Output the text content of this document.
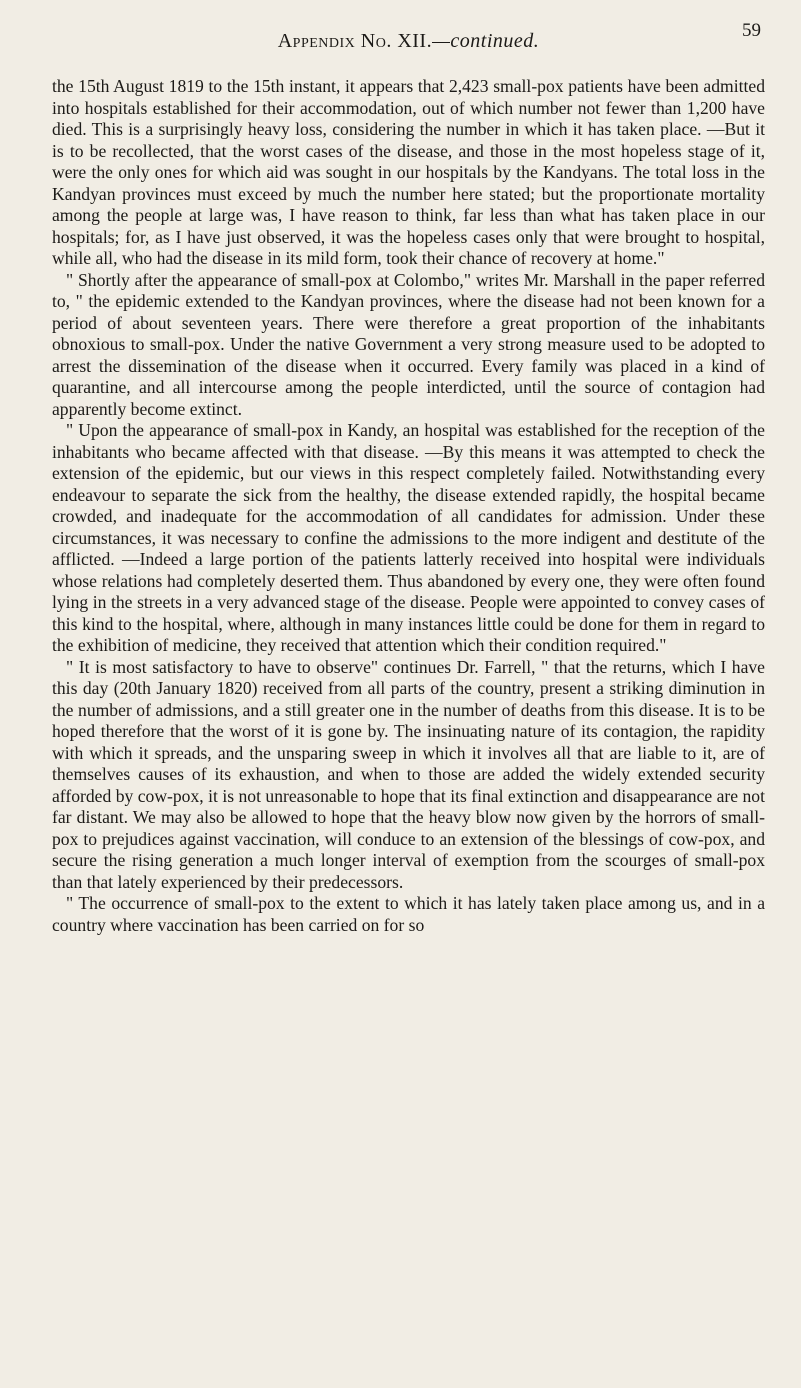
Appendix No. XII.—continued.	59

the 15th August 1819 to the 15th instant, it appears that 2,423 small-pox patients have been admitted into hospitals established for their accommodation, out of which number not fewer than 1,200 have died. This is a surprisingly heavy loss, considering the number in which it has taken place. —But it is to be recollected, that the worst cases of the disease, and those in the most hopeless stage of it, were the only ones for which aid was sought in our hospitals by the Kandyans. The total loss in the Kandyan provinces must exceed by much the number here stated; but the proportionate mortality among the people at large was, I have reason to think, far less than what has taken place in our hospitals; for, as I have just observed, it was the hopeless cases only that were brought to hospital, while all, who had the disease in its mild form, took their chance of recovery at home."

" Shortly after the appearance of small-pox at Colombo," writes Mr. Marshall in the paper referred to, " the epidemic extended to the Kandyan provinces, where the disease had not been known for a period of about seventeen years. There were therefore a great proportion of the inhabitants obnoxious to small-pox. Under the native Government a very strong measure used to be adopted to arrest the dissemination of the disease when it occurred. Every family was placed in a kind of quarantine, and all intercourse among the people interdicted, until the source of contagion had apparently become extinct.

" Upon the appearance of small-pox in Kandy, an hospital was established for the reception of the inhabitants who became affected with that disease. —By this means it was attempted to check the extension of the epidemic, but our views in this respect completely failed. Notwithstanding every endeavour to separate the sick from the healthy, the disease extended rapidly, the hospital became crowded, and inadequate for the accommodation of all candidates for admission. Under these circumstances, it was necessary to confine the admissions to the more indigent and destitute of the afflicted. —Indeed a large portion of the patients latterly received into hospital were individuals whose relations had completely deserted them. Thus abandoned by every one, they were often found lying in the streets in a very advanced stage of the disease. People were appointed to convey cases of this kind to the hospital, where, although in many instances little could be done for them in regard to the exhibition of medicine, they received that attention which their condition required."

" It is most satisfactory to have to observe" continues Dr. Farrell, " that the returns, which I have this day (20th January 1820) received from all parts of the country, present a striking diminution in the number of admissions, and a still greater one in the number of deaths from this disease. It is to be hoped therefore that the worst of it is gone by. The insinuating nature of its contagion, the rapidity with which it spreads, and the unsparing sweep in which it involves all that are liable to it, are of themselves causes of its exhaustion, and when to those are added the widely extended security afforded by cow-pox, it is not unreasonable to hope that its final extinction and disappearance are not far distant. We may also be allowed to hope that the heavy blow now given by the horrors of small-pox to prejudices against vaccination, will conduce to an extension of the blessings of cow-pox, and secure the rising generation a much longer interval of exemption from the scourges of small-pox than that lately experienced by their predecessors.

" The occurrence of small-pox to the extent to which it has lately taken place among us, and in a country where vaccination has been carried on for so
